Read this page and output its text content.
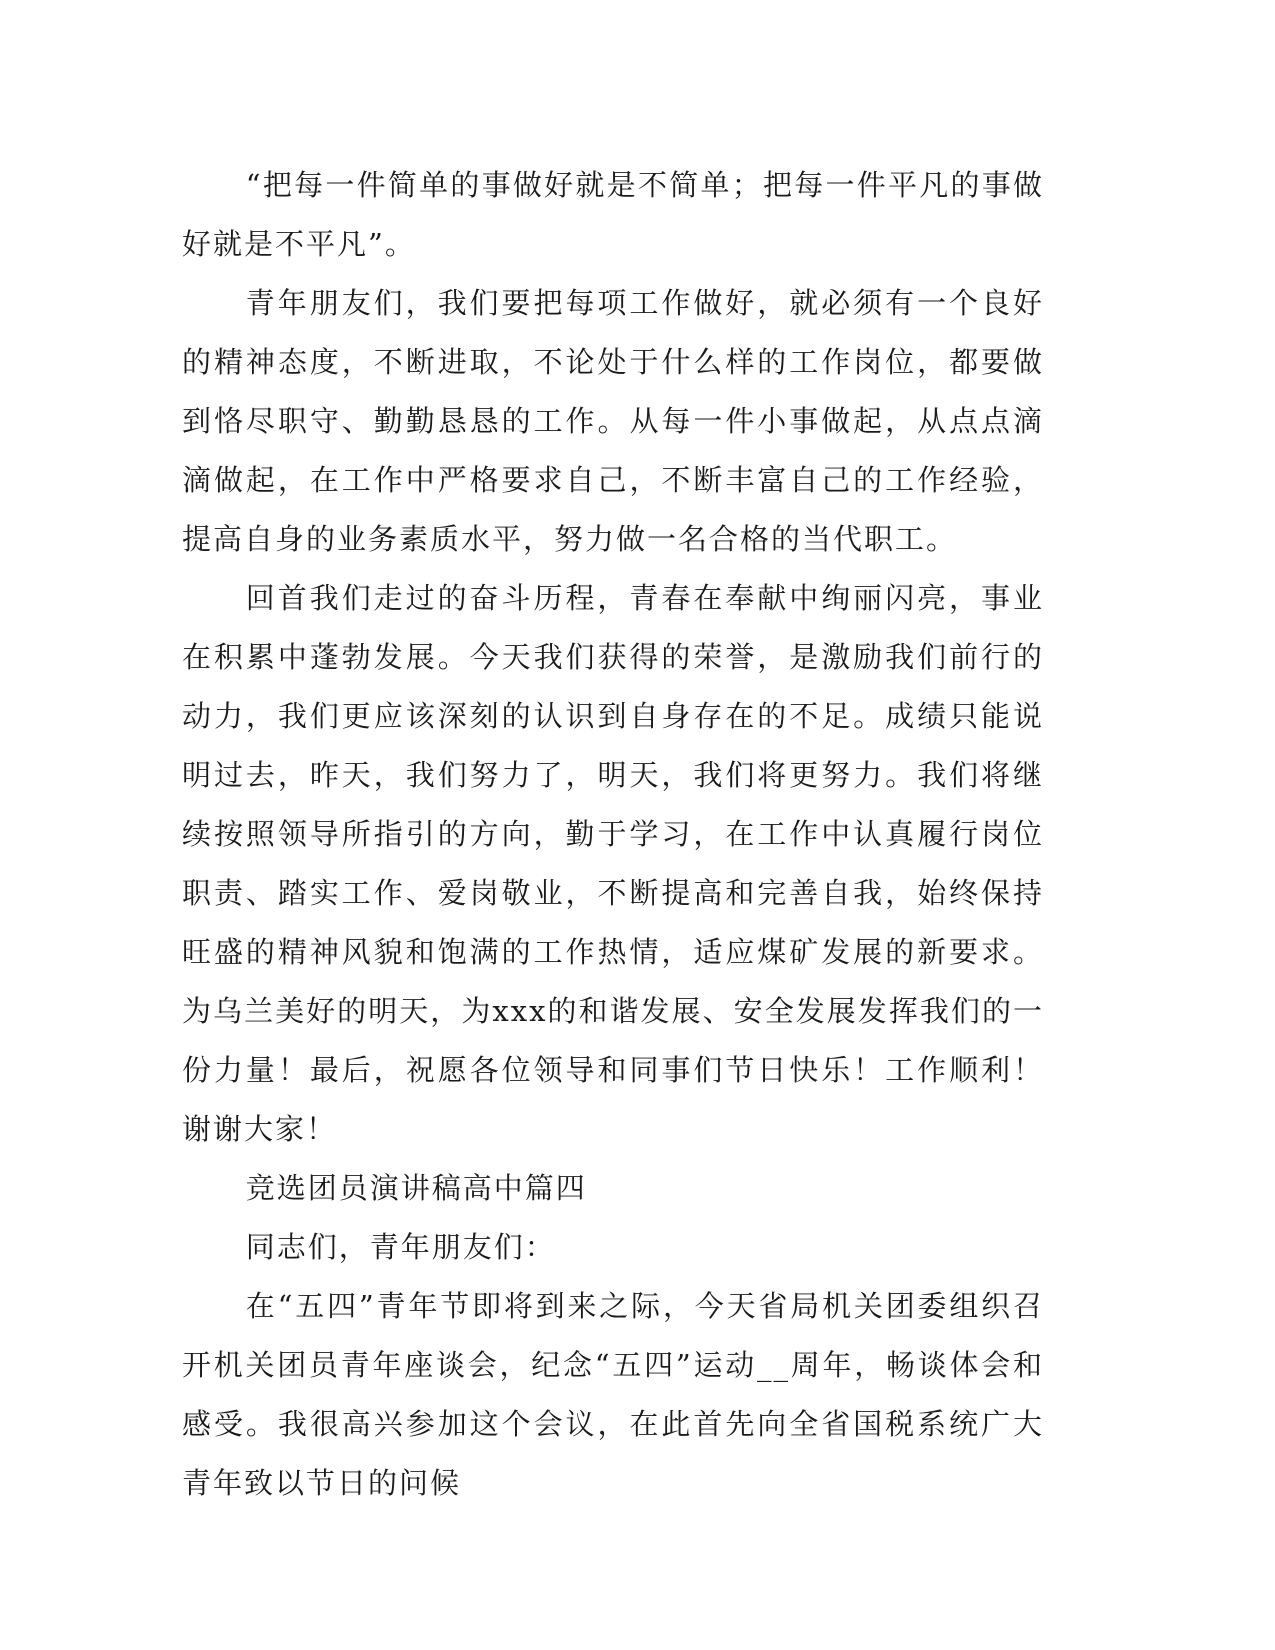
“把每一件简单的事做好就是不简单；把每一件平凡的事做好就是不平凡”。

青年朋友们，我们要把每项工作做好，就必须有一个良好的精神态度，不断进取，不论处于什么样的工作岗位，都要做到恪尽职守、勤勤恳恳的工作。从每一件小事做起，从点点滴滴做起，在工作中严格要求自己，不断丰富自己的工作经验，提高自身的业务素质水平，努力做一名合格的当代职工。

回首我们走过的奋斗历程，青春在奉献中绚丽闪亮，事业在积累中蓬勃发展。今天我们获得的荣誉，是激励我们前行的动力，我们更应该深刻的认识到自身存在的不足。成绩只能说明过去，昨天，我们努力了，明天，我们将更努力。我们将继续按照领导所指引的方向，勤于学习，在工作中认真履行岗位职责、踏实工作、爱岗敬业，不断提高和完善自我，始终保持旺盛的精神风貌和饱满的工作热情，适应煤矿发展的新要求。为乌兰美好的明天，为xxx的和谐发展、安全发展发挥我们的一份力量！最后，祝愿各位领导和同事们节日快乐！工作顺利！谢谢大家！

竞选团员演讲稿高中篇四

同志们，青年朋友们：

在“五四”青年节即将到来之际，今天省局机关团委组织召开机关团员青年座谈会，纪念“五四”运动__周年，畅谈体会和感受。我很高兴参加这个会议，在此首先向全省国税系统广大青年致以节日的问候
